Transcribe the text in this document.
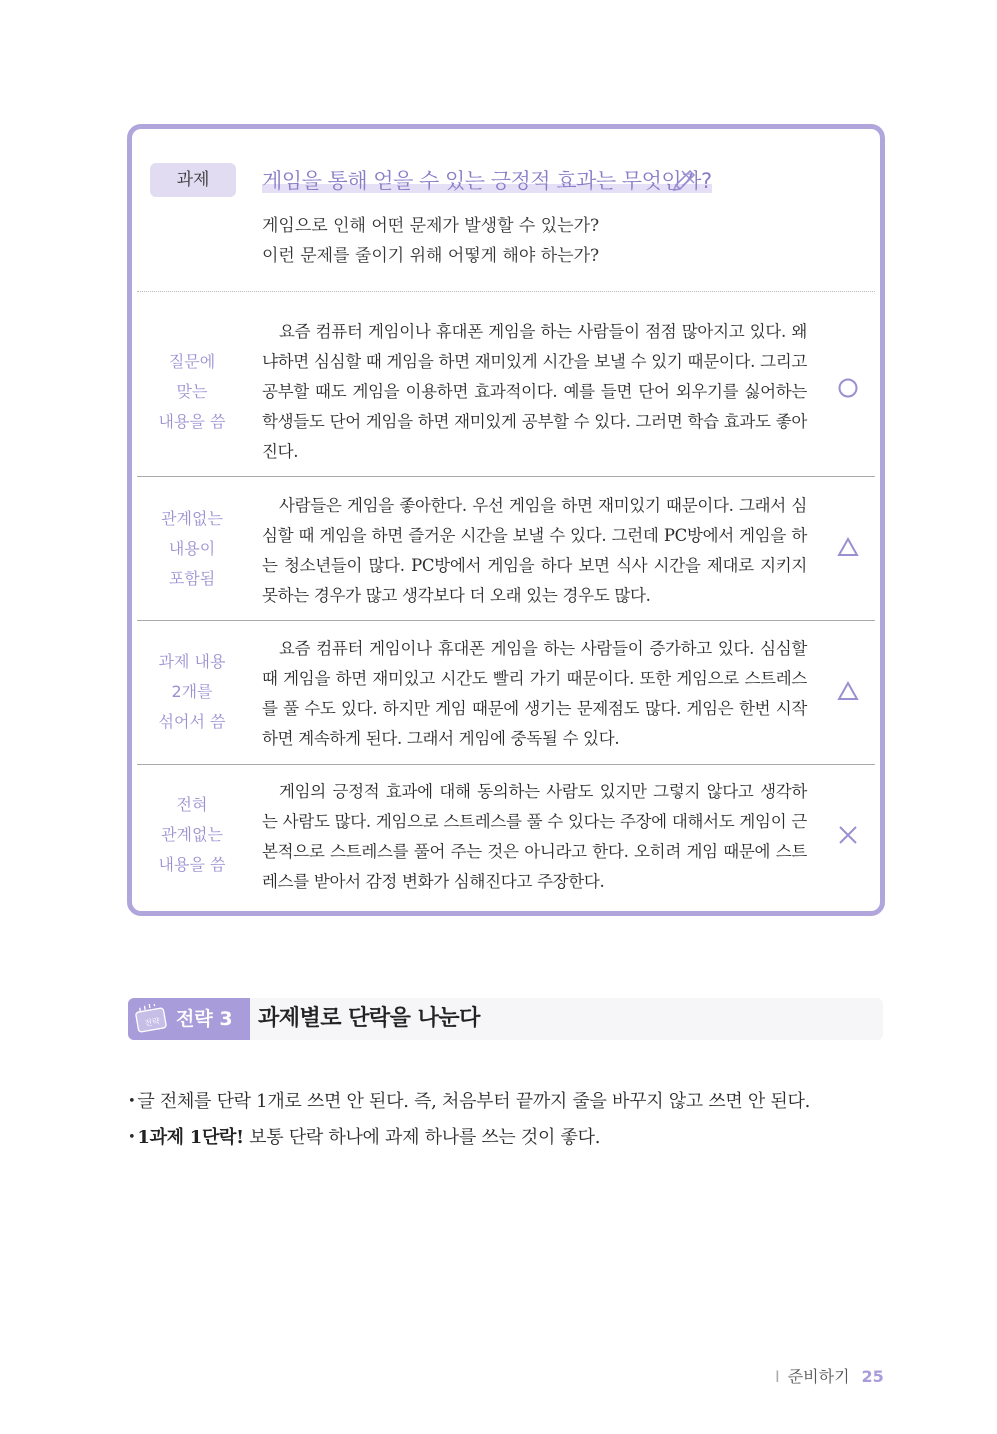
과제	게임을 통해 얻을 수 있는 긍정적 효과는 무엇인가?
게임으로 인해 어떤 문제가 발생할 수 있는가?
이런 문제를 줄이기 위해 어떻게 해야 하는가?
질문에
맞는
내용을 씀

요즘 컴퓨터 게임이나 휴대폰 게임을 하는 사람들이 점점 많아지고 있다. 왜냐하면 심심할 때 게임을 하면 재미있게 시간을 보낼 수 있기 때문이다. 그리고 공부할 때도 게임을 이용하면 효과적이다. 예를 들면 단어 외우기를 싫어하는 학생들도 단어 게임을 하면 재미있게 공부할 수 있다. 그러면 학습 효과도 좋아진다.

관계없는
내용이
포함됨

사람들은 게임을 좋아한다. 우선 게임을 하면 재미있기 때문이다. 그래서 심심할 때 게임을 하면 즐거운 시간을 보낼 수 있다. 그런데 PC방에서 게임을 하는 청소년들이 많다. PC방에서 게임을 하다 보면 식사 시간을 제대로 지키지 못하는 경우가 많고 생각보다 더 오래 있는 경우도 많다.

과제 내용
2개를
섞어서 씀

요즘 컴퓨터 게임이나 휴대폰 게임을 하는 사람들이 증가하고 있다. 심심할 때 게임을 하면 재미있고 시간도 빨리 가기 때문이다. 또한 게임으로 스트레스를 풀 수도 있다. 하지만 게임 때문에 생기는 문제점도 많다. 게임은 한번 시작하면 계속하게 된다. 그래서 게임에 중독될 수 있다.

전혀
관계없는
내용을 씀

게임의 긍정적 효과에 대해 동의하는 사람도 있지만 그렇지 않다고 생각하는 사람도 많다. 게임으로 스트레스를 풀 수 있다는 주장에 대해서도 게임이 근본적으로 스트레스를 풀어 주는 것은 아니라고 한다. 오히려 게임 때문에 스트레스를 받아서 감정 변화가 심해진다고 주장한다.

전략 전략 3 과제별로 단락을 나눈다
• 글 전체를 단락 1개로 쓰면 안 된다. 즉, 처음부터 끝까지 줄을 바꾸지 않고 쓰면 안 된다.
• 1과제 1단락! 보통 단락 하나에 과제 하나를 쓰는 것이 좋다.
I 준비하기 25
